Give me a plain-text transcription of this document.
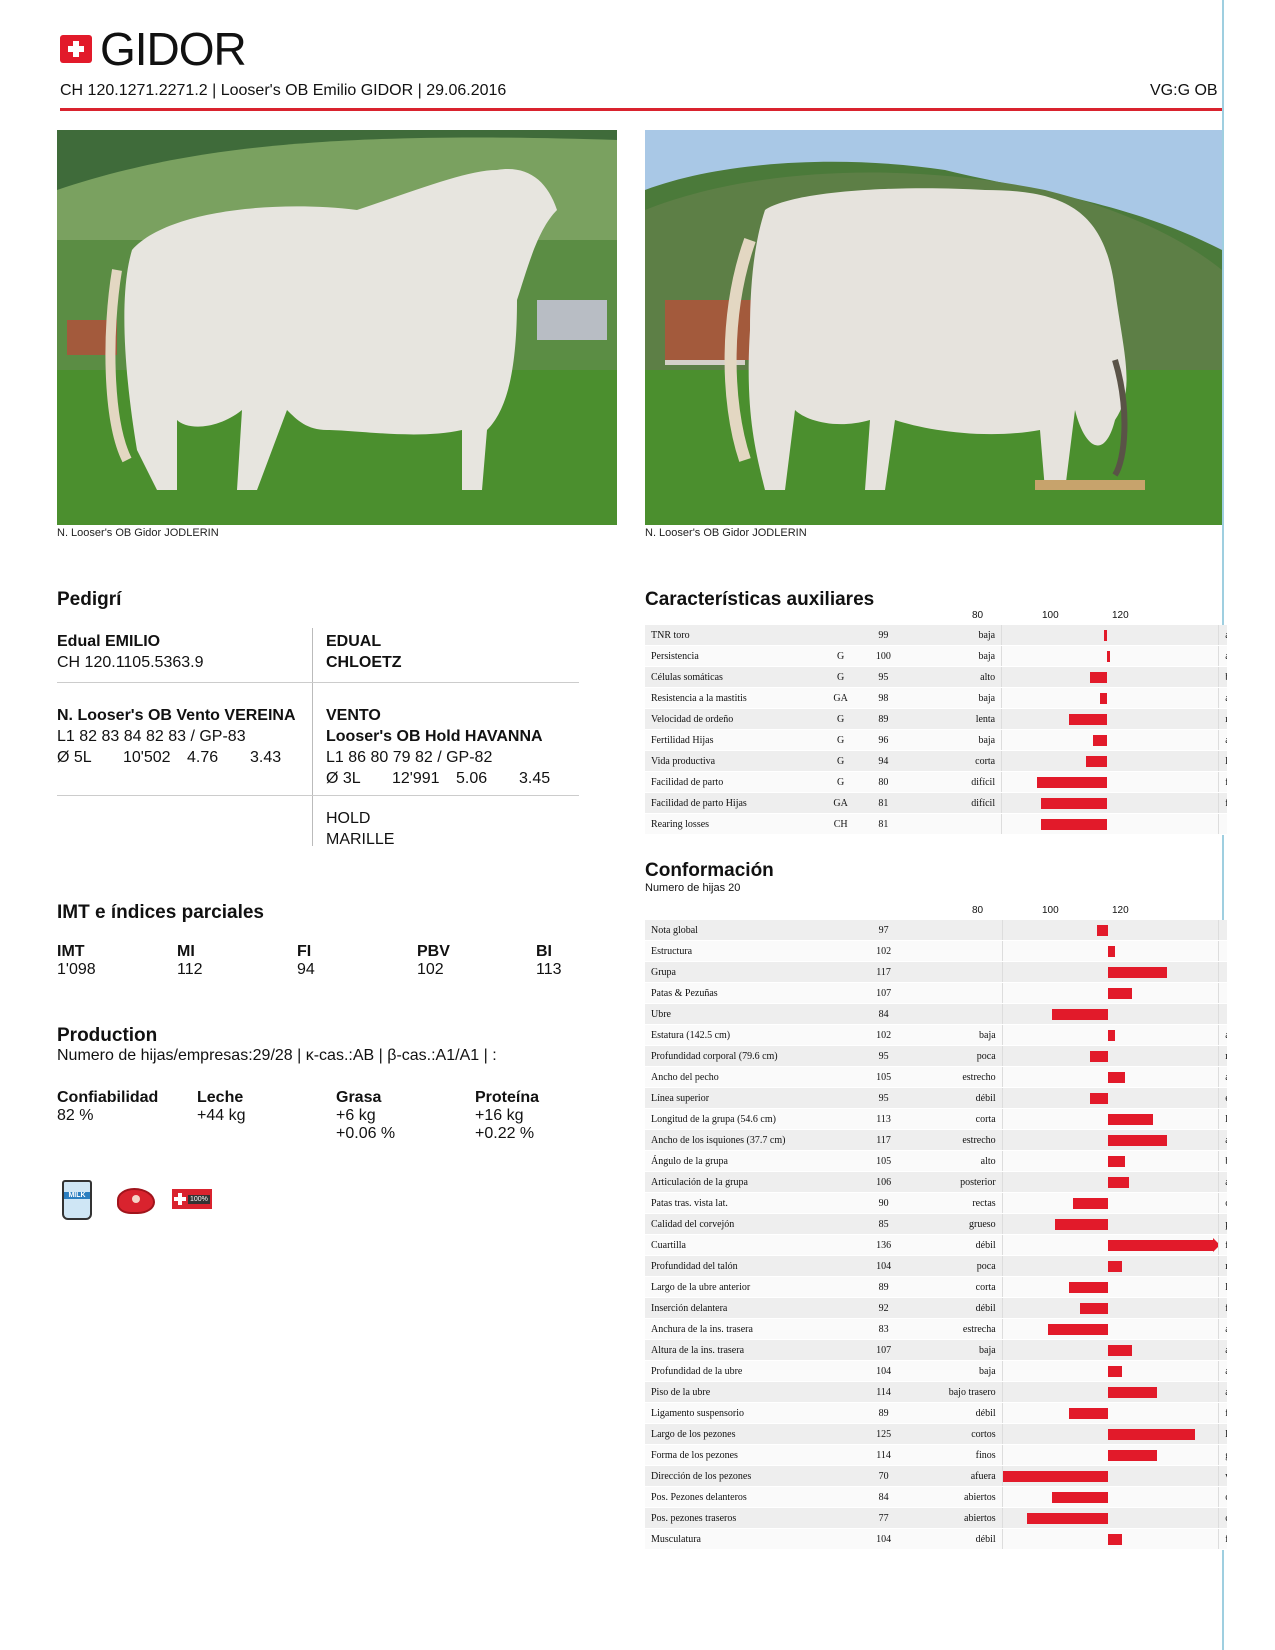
GIDOR
CH 120.1271.2271.2 | Looser's OB Emilio GIDOR | 29.06.2016	VG:G OB
N. Looser's OB Gidor JODLERIN	N. Looser's OB Gidor JODLERIN
Pedigrí
Edual EMILIO
CH 120.1105.5363.9
EDUAL
CHLOETZ
N. Looser's OB Vento VEREINA
L1 82 83 84 82 83 / GP-83
Ø 5L 10'502 4.76 3.43
VENTO
Looser's OB Hold HAVANNA
L1 86 80 79 82 / GP-82
Ø 3L 12'991 5.06 3.45
HOLD
MARILLE
IMT e índices parciales
IMT
1'098
MI
112
FI
94
PBV
102
BI
113
Production
Numero de hijas/empresas:29/28 | κ-cas.:AB | β-cas.:A1/A1 | :
Confiabilidad
82 %
Leche
+44 kg
Grasa
+6 kg
+0.06 %
Proteína
+16 kg
+0.22 %
MILK	100%
Características auxiliares
80	100	120
TNR toro		99	baja	

Persistencia	G	100	baja	

Células somáticas	G	95	alto	

Resistencia a la mastitis	GA	98	baja	

Velocidad de ordeño	G	89	lenta	

Fertilidad Hijas	G	96	baja	

Vida productiva	G	94	corta	

Facilidad de parto	G	80	difícil	

Facilidad de parto Hijas	GA	81	difícil	

Rearing losses	CH	81		

Conformación
Numero de hijas 20
80	100	120
Nota global		97		

Estructura		102		

Grupa		117		

Patas & Pezuñas		107		

Ubre		84		

Estatura (142.5 cm)		102	baja	

Profundidad corporal (79.6 cm)		95	poca	

Ancho del pecho		105	estrecho	

Línea superior		95	débil	

Longitud de la grupa (54.6 cm)		113	corta	

Ancho de los isquiones (37.7 cm)		117	estrecho	

Ángulo de la grupa		105	alto	

Articulación de la grupa		106	posterior	

Patas tras. vista lat.		90	rectas	

Calidad del corvejón		85	grueso	

Cuartilla		136	débil	

Profundidad del talón		104	poca	

Largo de la ubre anterior		89	corta	

Inserción delantera		92	débil	

Anchura de la ins. trasera		83	estrecha	

Altura de la ins. trasera		107	baja	

Profundidad de la ubre		104	baja	

Piso de la ubre		114	bajo trasero	

Ligamento suspensorio		89	débil	

Largo de los pezones		125	cortos	

Forma de los pezones		114	finos	

Dirección de los pezones		70	afuera	

Pos. Pezones delanteros		84	abiertos	

Pos. pezones traseros		77	abiertos	

Musculatura		104	débil	
